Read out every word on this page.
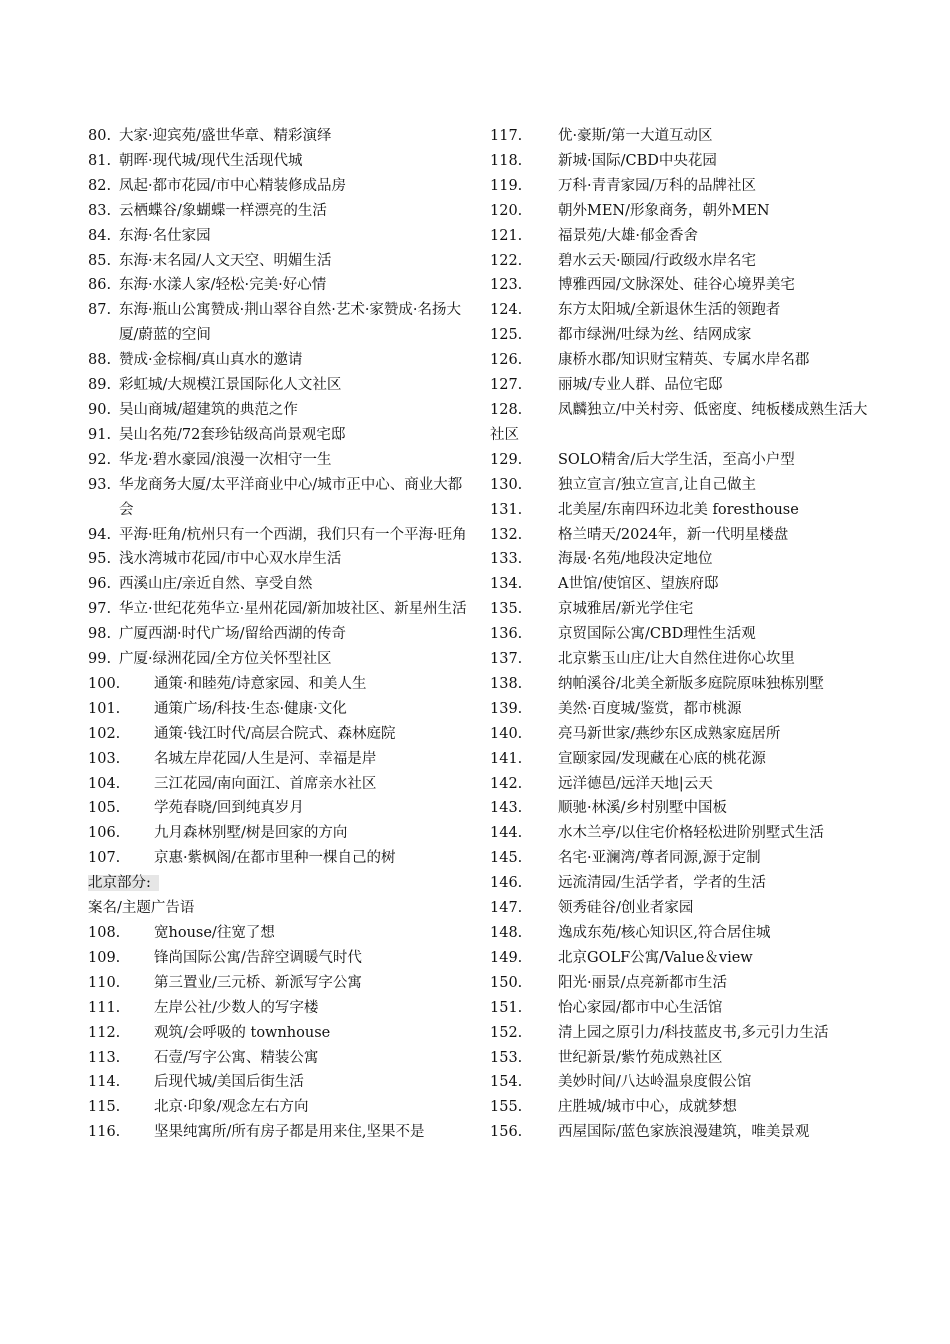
80. 大家·迎宾苑/盛世华章、精彩演绎
81. 朝晖·现代城/现代生活现代城
82. 凤起·都市花园/市中心精装修成品房
83. 云栖蝶谷/象蝴蝶一样漂亮的生活
84. 东海·名仕家园
85. 东海·末名园/人文天空、明媚生活
86. 东海·水漾人家/轻松·完美·好心情
87. 东海·瓶山公寓赞成·荆山翠谷自然·艺术·家赞成·名扬大厦/蔚蓝的空间
88. 赞成·金棕榈/真山真水的邀请
89. 彩虹城/大规模江景国际化人文社区
90. 吴山商城/超建筑的典范之作
91. 吴山名苑/72套珍钻级高尚景观宅邸
92. 华龙·碧水豪园/浪漫一次相守一生
93. 华龙商务大厦/太平洋商业中心/城市正中心、商业大都会
94. 平海·旺角/杭州只有一个西湖，我们只有一个平海·旺角
95. 浅水湾城市花园/市中心双水岸生活
96. 西溪山庄/亲近自然、享受自然
97. 华立·世纪花苑华立·星州花园/新加坡社区、新星州生活
98. 广厦西湖·时代广场/留给西湖的传奇
99. 广厦·绿洲花园/全方位关怀型社区
100.	通策·和睦苑/诗意家园、和美人生
101.	通策广场/科技·生态·健康·文化
102.	通策·钱江时代/高层合院式、森林庭院
103.	名城左岸花园/人生是河、幸福是岸
104.	三江花园/南向面江、首席亲水社区
105.	学苑春晓/回到纯真岁月
106.	九月森林别墅/树是回家的方向
107.	京惠·紫枫阁/在都市里种一棵自己的树
北京部分:
案名/主题广告语
108.	宽house/往宽了想
109.	锋尚国际公寓/告辞空调暖气时代
110.	第三置业/三元桥、新派写字公寓
111.	左岸公社/少数人的写字楼
112.	观筑/会呼吸的 townhouse
113.	石壹/写字公寓、精装公寓
114.	后现代城/美国后街生活
115.	北京·印象/观念左右方向
116.	坚果纯寓所/所有房子都是用来住,坚果不是
117.	优·豪斯/第一大道互动区
118.	新城·国际/CBD中央花园
119.	万科·青青家园/万科的品牌社区
120.	朝外MEN/形象商务，朝外MEN
121.	福景苑/大雄·郁金香舍
122.	碧水云天·颐园/行政级水岸名宅
123.	博雅西园/文脉深处、硅谷心境界美宅
124.	东方太阳城/全新退休生活的领跑者
125.	都市绿洲/吐绿为丝、结网成家
126.	康桥水郡/知识财宝精英、专属水岸名郡
127.	丽城/专业人群、品位宅邸
128.	凤麟独立/中关村旁、低密度、纯板楼成熟生活大社区
129.	SOLO精舍/后大学生活，至高小户型
130.	独立宣言/独立宣言,让自己做主
131.	北美屋/东南四环边北美 foresthouse
132.	格兰晴天/2024年，新一代明星楼盘
133.	海晟·名苑/地段决定地位
134.	A世馆/使馆区、望族府邸
135.	京城雅居/新光学住宅
136.	京贸国际公寓/CBD理性生活观
137.	北京紫玉山庄/让大自然住进你心坎里
138.	纳帕溪谷/北美全新版多庭院原味独栋别墅
139.	美然·百度城/鉴赏，都市桃源
140.	亮马新世家/燕纱东区成熟家庭居所
141.	宣颐家园/发现藏在心底的桃花源
142.	远洋德邑/远洋天地|云天
143.	顺驰·林溪/乡村别墅中国板
144.	水木兰亭/以住宅价格轻松进阶别墅式生活
145.	名宅·亚澜湾/尊者同源,源于定制
146.	远流清园/生活学者，学者的生活
147.	领秀硅谷/创业者家园
148.	逸成东苑/核心知识区,符合居住城
149.	北京GOLF公寓/Value＆view
150.	阳光·丽景/点亮新都市生活
151.	怡心家园/都市中心生活馆
152.	清上园之原引力/科技蓝皮书,多元引力生活
153.	世纪新景/紫竹苑成熟社区
154.	美妙时间/八达岭温泉度假公馆
155.	庄胜城/城市中心，成就梦想
156.	西屋国际/蓝色家族浪漫建筑，唯美景观
